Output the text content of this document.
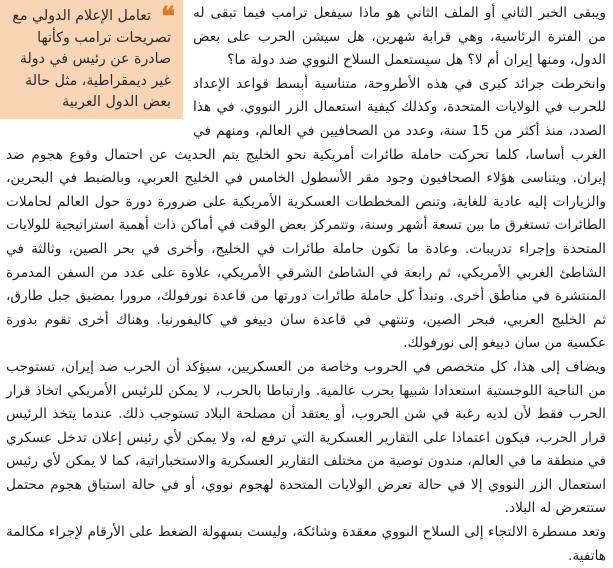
❝
تعامل الإعلام الدولي مع تصريحات ترامب وكأنها صادرة عن رئيس في دولة غير ديمقراطية، مثل حالة بعض الدول العربية

ويبقى الخبر الثاني أو الملف الثاني هو ماذا سيفعل ترامب فيما تبقى له من الفترة الرئاسية، وهي قرابة شهرين، هل سيشن الحرب على بعض الدول، ومنها إيران أم لا؟ هل سيستعمل السلاح النووي ضد دولة ما؟

وانخرطت جرائد كبرى في هذه الأطروحة، متناسية أبسط قواعد الإعداد للحرب في الولايات المتحدة، وكذلك كيفية استعمال الزر النووي. في هذا الصدد، منذ أكثر من 15 سنة، وعدد من الصحافيين في العالم، ومنهم في الغرب أساسا، كلما تحركت حاملة طائرات أمريكية نحو الخليج يتم الحديث عن احتمال وقوع هجوم ضد إيران. ويتناسى هؤلاء الصحافيون وجود مقر الأسطول الخامس في الخليج العربي، وبالضبط في البحرين، والزيارات إليه عادية للغاية، وتنص المخططات العسكرية الأمريكية على ضرورة دورة حول العالم لحاملات الطائرات تستغرق ما بين تسعة أشهر وسنة، وتتمركز بعض الوقت في أماكن ذات أهمية استراتيجية للولايات المتحدة وإجراء تدريبات. وعادة ما تكون حاملة طائرات في الخليج، وأخرى في بحر الصين، وثالثة في الشاطئ الغربي الأمريكي، ثم رابعة في الشاطئ الشرقي الأمريكي، علاوة على عدد من السفن المدمرة المنتشرة في مناطق أخرى. وتبدأ كل حاملة طائرات دورتها من قاعدة نورفولك، مرورا بمضيق جبل طارق، ثم الخليج العربي، فبحر الصين، وتنتهي في قاعدة سان دييغو في كاليفورنيا. وهناك أخرى تقوم بدورة عكسية من سان دييغو إلى نورفولك.

ويضاف إلى هذا، كل متخصص في الحروب وخاصة من العسكريين، سيؤكد أن الحرب ضد إيران، تستوجب من الناحية اللوجستية استعدادا شبيها بحرب عالمية. وارتباطا بالحرب، لا يمكن للرئيس الأمريكي اتخاذ قرار الحرب فقط لأن لديه رغبة في شن الحروب، أو يعتقد أن مصلحة البلاد تستوجب ذلك. عندما يتخذ الرئيس قرار الحرب، فيكون اعتمادا على التقارير العسكرية التي ترفع له، ولا يمكن لأي رئيس إعلان تدخل عسكري في منطقة ما في العالم، مندون توصية من مختلف التقارير العسكرية والاستخباراتية، كما لا يمكن لأي رئيس استعمال الزر النووي إلا في حالة تعرض الولايات المتحدة لهجوم نووي، أو في حالة استباق هجوم محتمل ستتعرض له البلاد.

وتعد مسطرة الالتجاء إلى السلاح النووي معقدة وشائكة، وليست بسهولة الضغط على الأرقام لإجراء مكالمة هاتفية.
